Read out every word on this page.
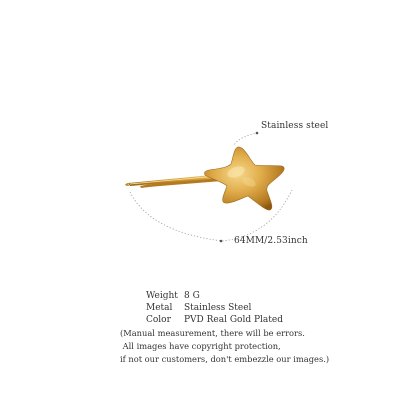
Stainless steel
64MM/2.53inch
Weight 8 G
Metal	Stainless Steel
Color	PVD Real Gold Plated
(Manual measurement, there will be errors.
All images have copyright protection,
if not our customers, don't embezzle our images.)
